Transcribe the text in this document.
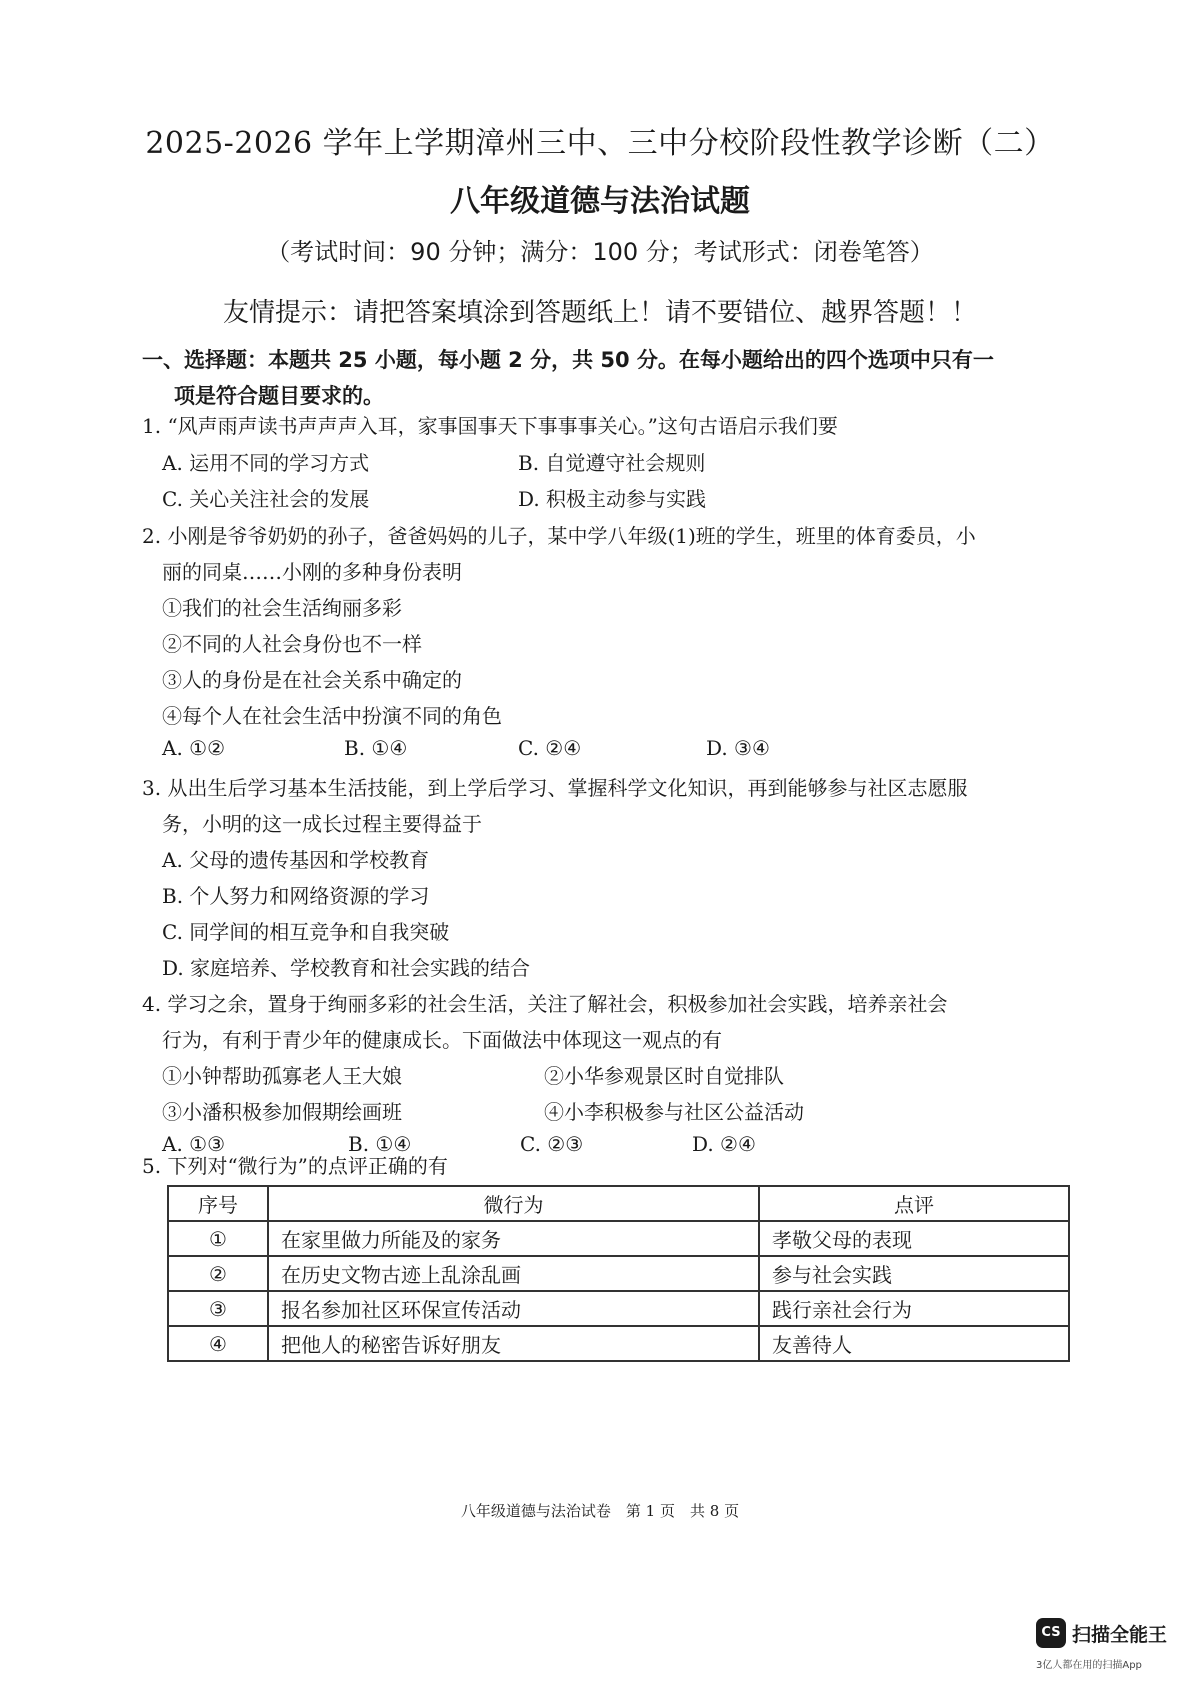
2025-2026 学年上学期漳州三中、三中分校阶段性教学诊断（二）
八年级道德与法治试题
（考试时间：90 分钟；满分：100 分；考试形式：闭卷笔答）
友情提示：请把答案填涂到答题纸上！请不要错位、越界答题！！
一、选择题：本题共 25 小题，每小题 2 分，共 50 分。在每小题给出的四个选项中只有一
项是符合题目要求的。
1. “风声雨声读书声声声入耳，家事国事天下事事事关心。”这句古语启示我们要
A. 运用不同的学习方式	B. 自觉遵守社会规则
C. 关心关注社会的发展	D. 积极主动参与实践
2. 小刚是爷爷奶奶的孙子，爸爸妈妈的儿子，某中学八年级(1)班的学生，班里的体育委员，小
丽的同桌……小刚的多种身份表明
①我们的社会生活绚丽多彩
②不同的人社会身份也不一样
③人的身份是在社会关系中确定的
④每个人在社会生活中扮演不同的角色
A. ①②	B. ①④	C. ②④	D. ③④
3. 从出生后学习基本生活技能，到上学后学习、掌握科学文化知识，再到能够参与社区志愿服
务，小明的这一成长过程主要得益于
A. 父母的遗传基因和学校教育
B. 个人努力和网络资源的学习
C. 同学间的相互竞争和自我突破
D. 家庭培养、学校教育和社会实践的结合
4. 学习之余，置身于绚丽多彩的社会生活，关注了解社会，积极参加社会实践，培养亲社会
行为，有利于青少年的健康成长。下面做法中体现这一观点的有
①小钟帮助孤寡老人王大娘	②小华参观景区时自觉排队
③小潘积极参加假期绘画班	④小李积极参与社区公益活动
A. ①③	B. ①④	C. ②③	D. ②④
5. 下列对“微行为”的点评正确的有
序号	微行为	点评
①	在家里做力所能及的家务	孝敬父母的表现
②	在历史文物古迹上乱涂乱画	参与社会实践
③	报名参加社区环保宣传活动	践行亲社会行为
④	把他人的秘密告诉好朋友	友善待人
八年级道德与法治试卷　第 1 页　共 8 页
CS 扫描全能王
3亿人都在用的扫描App
